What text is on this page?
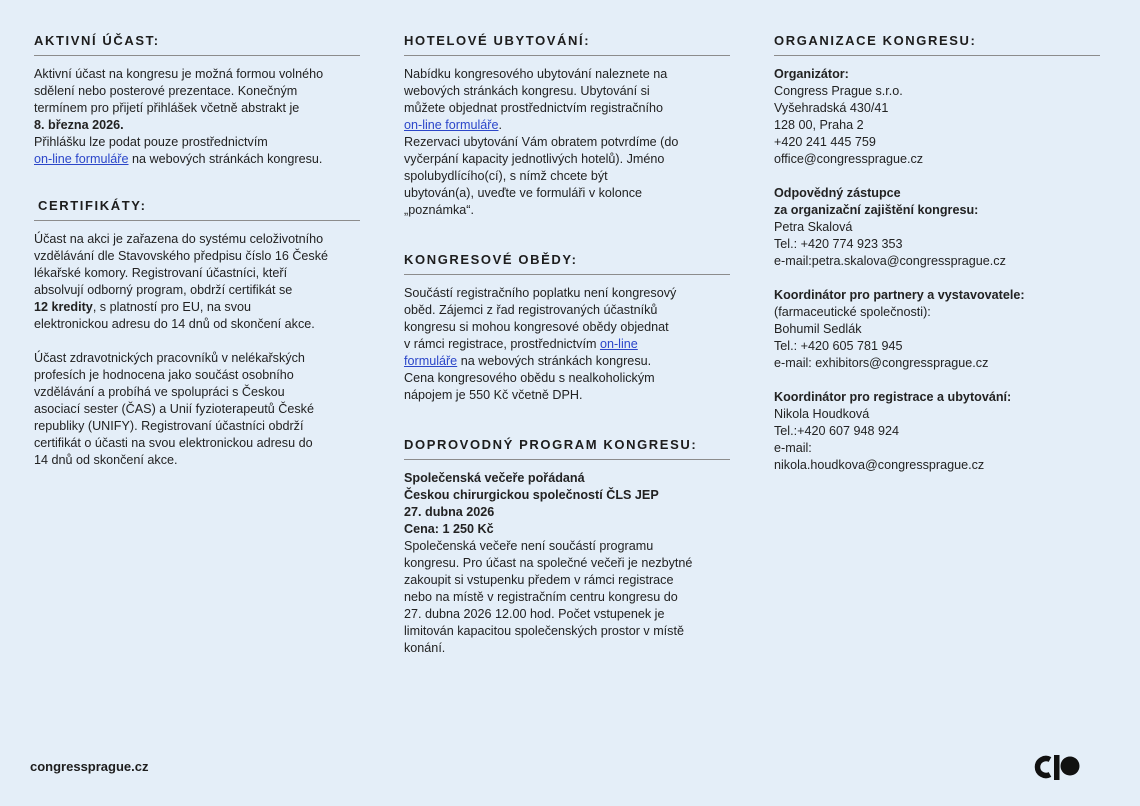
AKTIVNÍ ÚČAST:

Aktivní účast na kongresu je možná formou volného
sdělení nebo posterové prezentace. Konečným
termínem pro přijetí přihlášek včetně abstrakt je
8. března 2026.
Přihlášku lze podat pouze prostřednictvím
on-line formuláře na webových stránkách kongresu.

CERTIFIKÁTY:

Účast na akci je zařazena do systému celoživotního
vzdělávání dle Stavovského předpisu číslo 16 České
lékařské komory. Registrovaní účastníci, kteří
absolvují odborný program, obdrží certifikát se
12 kredity, s platností pro EU, na svou
elektronickou adresu do 14 dnů od skončení akce.

Účast zdravotnických pracovníků v nelékařských
profesích je hodnocena jako součást osobního
vzdělávání a probíhá ve spolupráci s Českou
asociací sester (ČAS) a Unií fyzioterapeutů České
republiky (UNIFY). Registrovaní účastníci obdrží
certifikát o účasti na svou elektronickou adresu do
14 dnů od skončení akce.

HOTELOVÉ UBYTOVÁNÍ:

Nabídku kongresového ubytování naleznete na
webových stránkách kongresu. Ubytování si
můžete objednat prostřednictvím registračního
on-line formuláře.
Rezervaci ubytování Vám obratem potvrdíme (do
vyčerpání kapacity jednotlivých hotelů). Jméno
spolubydlícího(cí), s nímž chcete být
ubytován(a), uveďte ve formuláři v kolonce
„poznámka“.

KONGRESOVÉ OBĚDY:

Součástí registračního poplatku není kongresový
oběd. Zájemci z řad registrovaných účastníků
kongresu si mohou kongresové obědy objednat
v rámci registrace, prostřednictvím on-line
formuláře na webových stránkách kongresu.
Cena kongresového obědu s nealkoholickým
nápojem je 550 Kč včetně DPH.

DOPROVODNÝ PROGRAM KONGRESU:

Společenská večeře pořádaná
Českou chirurgickou společností ČLS JEP
27. dubna 2026
Cena: 1 250 Kč
Společenská večeře není součástí programu
kongresu. Pro účast na společné večeři je nezbytné
zakoupit si vstupenku předem v rámci registrace
nebo na místě v registračním centru kongresu do
27. dubna 2026 12.00 hod. Počet vstupenek je
limitován kapacitou společenských prostor v místě
konání.

ORGANIZACE KONGRESU:

Organizátor:
Congress Prague s.r.o.
Vyšehradská 430/41
128 00, Praha 2
+420 241 445 759
office@congressprague.cz

Odpovědný zástupce
za organizační zajištění kongresu:
Petra Skalová
Tel.: +420 774 923 353
e-mail:petra.skalova@congressprague.cz

Koordinátor pro partnery a vystavovatele:
(farmaceutické společnosti):
Bohumil Sedlák
Tel.: +420 605 781 945
e-mail: exhibitors@congressprague.cz

Koordinátor pro registrace a ubytování:
Nikola Houdková
Tel.:+420 607 948 924
e-mail:
nikola.houdkova@congressprague.cz

congressprague.cz
